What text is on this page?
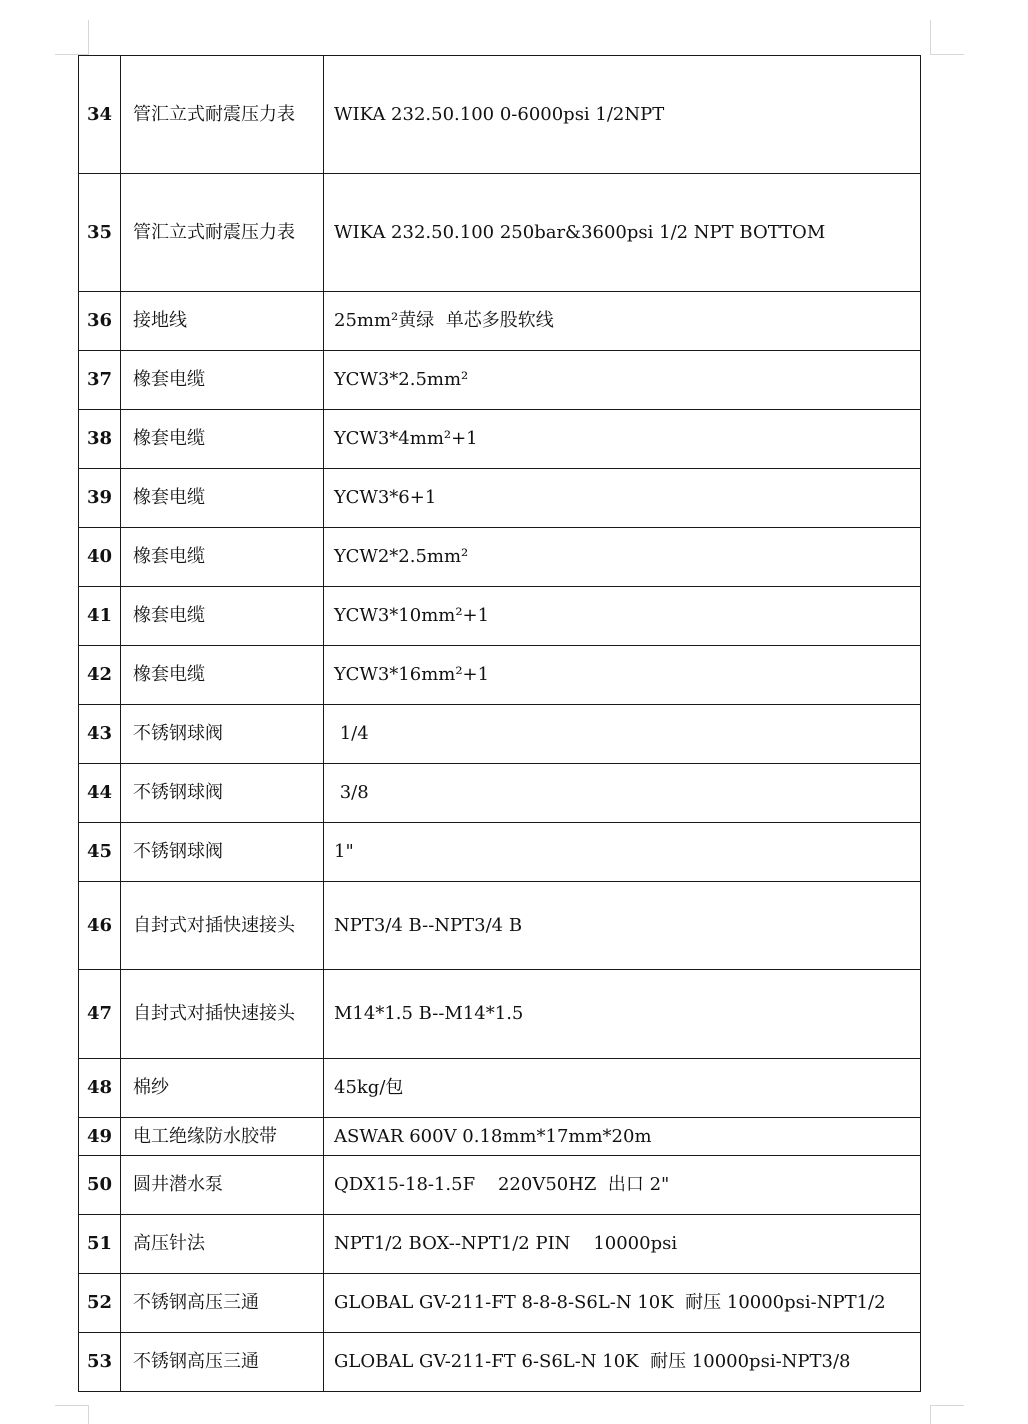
34	管汇立式耐震压力表	WIKA 232.50.100 0-6000psi 1/2NPT
35	管汇立式耐震压力表	WIKA 232.50.100 250bar&3600psi 1/2 NPT BOTTOM
36	接地线	25mm²黄绿  单芯多股软线
37	橡套电缆	YCW3*2.5mm²
38	橡套电缆	YCW3*4mm²+1
39	橡套电缆	YCW3*6+1
40	橡套电缆	YCW2*2.5mm²
41	橡套电缆	YCW3*10mm²+1
42	橡套电缆	YCW3*16mm²+1
43	不锈钢球阀	1/4
44	不锈钢球阀	3/8
45	不锈钢球阀	1"
46	自封式对插快速接头	NPT3/4 B--NPT3/4 B
47	自封式对插快速接头	M14*1.5 B--M14*1.5
48	棉纱	45kg/包
49	电工绝缘防水胶带	ASWAR 600V 0.18mm*17mm*20m
50	圆井潜水泵	QDX15-18-1.5F    220V50HZ  出口 2"
51	高压针法	NPT1/2 BOX--NPT1/2 PIN    10000psi
52	不锈钢高压三通	GLOBAL GV-211-FT 8-8-8-S6L-N 10K  耐压 10000psi-NPT1/2
53	不锈钢高压三通	GLOBAL GV-211-FT 6-S6L-N 10K  耐压 10000psi-NPT3/8
